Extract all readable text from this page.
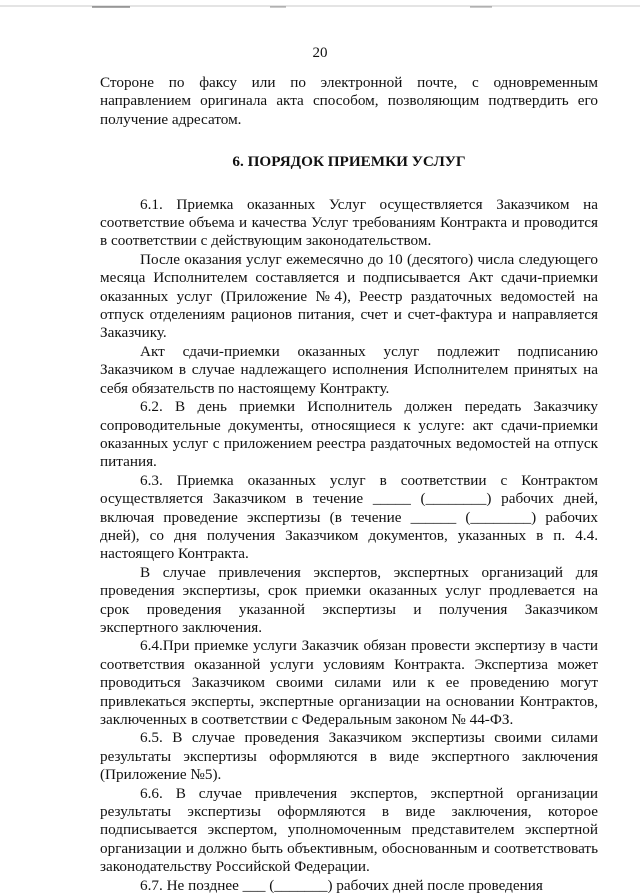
20

Стороне по факсу или по электронной почте, с одновременным направлением оригинала акта способом, позволяющим подтвердить его получение адресатом.

6. ПОРЯДОК ПРИЕМКИ УСЛУГ

6.1. Приемка оказанных Услуг осуществляется Заказчиком на соответствие объема и качества Услуг требованиям Контракта и проводится в соответствии с действующим законодательством.

После оказания услуг ежемесячно до 10 (десятого) числа следующего месяца Исполнителем составляется и подписывается Акт сдачи-приемки оказанных услуг (Приложение №4), Реестр раздаточных ведомостей на отпуск отделениям рационов питания, счет и счет-фактура и направляется Заказчику.

Акт сдачи-приемки оказанных услуг подлежит подписанию Заказчиком в случае надлежащего исполнения Исполнителем принятых на себя обязательств по настоящему Контракту.

6.2. В день приемки Исполнитель должен передать Заказчику сопроводительные документы, относящиеся к услуге: акт сдачи-приемки оказанных услуг с приложением реестра раздаточных ведомостей на отпуск питания.

6.3. Приемка оказанных услуг в соответствии с Контрактом осуществляется Заказчиком в течение _____ (________) рабочих дней, включая проведение экспертизы (в течение ______ (________) рабочих дней), со дня получения Заказчиком документов, указанных в п. 4.4. настоящего Контракта.

В случае привлечения экспертов, экспертных организаций для проведения экспертизы, срок приемки оказанных услуг продлевается на срок проведения указанной экспертизы и получения Заказчиком экспертного заключения.

6.4.При приемке услуги Заказчик обязан провести экспертизу в части соответствия оказанной услуги условиям Контракта. Экспертиза может проводиться Заказчиком своими силами или к ее проведению могут привлекаться эксперты, экспертные организации на основании Контрактов, заключенных в соответствии с Федеральным законом № 44-ФЗ.

6.5. В случае проведения Заказчиком экспертизы своими силами результаты экспертизы оформляются в виде экспертного заключения (Приложение №5).

6.6. В случае привлечения экспертов, экспертной организации результаты экспертизы оформляются в виде заключения, которое подписывается экспертом, уполномоченным представителем экспертной организации и должно быть объективным, обоснованным и соответствовать законодательству Российской Федерации.

6.7. Не позднее ___ (_______) рабочих дней после проведения
